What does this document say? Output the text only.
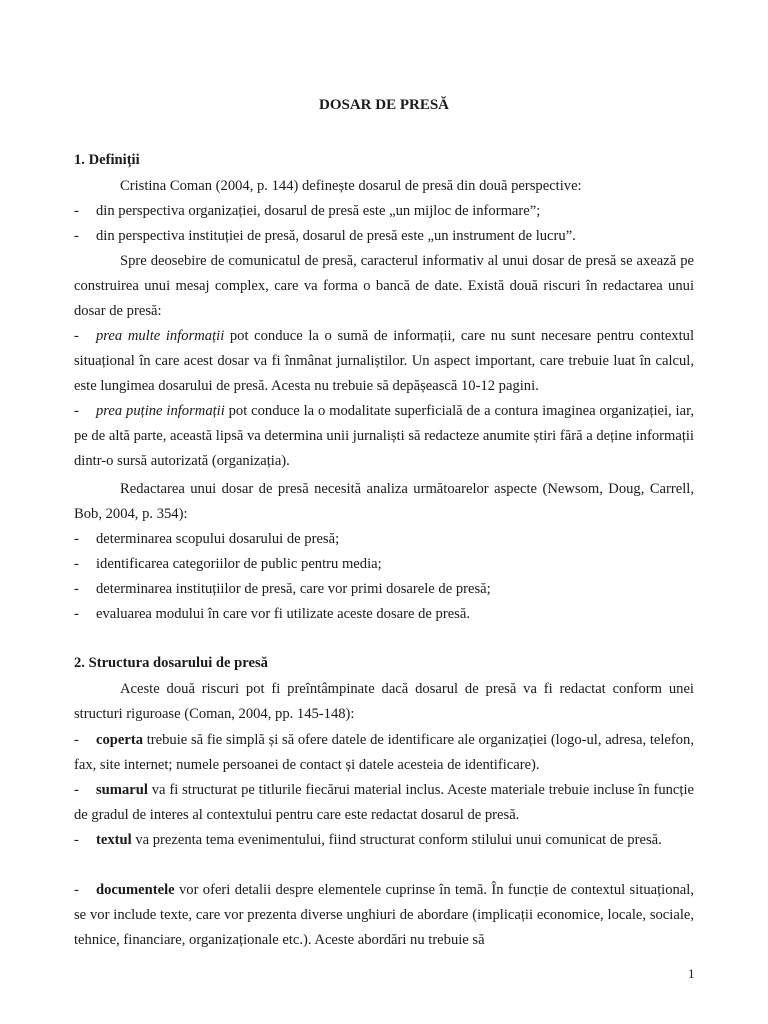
DOSAR DE PRESĂ
1. Definiții
Cristina Coman (2004, p. 144) definește dosarul de presă din două perspective:
- din perspectiva organizației, dosarul de presă este „un mijloc de informare”;
- din perspectiva instituției de presă, dosarul de presă este „un instrument de lucru”.
Spre deosebire de comunicatul de presă, caracterul informativ al unui dosar de presă se axează pe construirea unui mesaj complex, care va forma o bancă de date. Există două riscuri în redactarea unui dosar de presă:
- prea multe informații pot conduce la o sumă de informații, care nu sunt necesare pentru contextul situațional în care acest dosar va fi înmânat jurnaliștilor. Un aspect important, care trebuie luat în calcul, este lungimea dosarului de presă. Acesta nu trebuie să depășească 10-12 pagini.
- prea puține informații pot conduce la o modalitate superficială de a contura imaginea organizației, iar, pe de altă parte, această lipsă va determina unii jurnaliști să redacteze anumite știri fără a deține informații dintr-o sursă autorizată (organizația).
Redactarea unui dosar de presă necesită analiza următoarelor aspecte (Newsom, Doug, Carrell, Bob, 2004, p. 354):
- determinarea scopului dosarului de presă;
- identificarea categoriilor de public pentru media;
- determinarea instituțiilor de presă, care vor primi dosarele de presă;
- evaluarea modului în care vor fi utilizate aceste dosare de presă.
2. Structura dosarului de presă
Aceste două riscuri pot fi preîntâmpinate dacă dosarul de presă va fi redactat conform unei structuri riguroase (Coman, 2004, pp. 145-148):
- coperta trebuie să fie simplă și să ofere datele de identificare ale organizației (logo-ul, adresa, telefon, fax, site internet; numele persoanei de contact și datele acesteia de identificare).
- sumarul va fi structurat pe titlurile fiecărui material inclus. Aceste materiale trebuie incluse în funcție de gradul de interes al contextului pentru care este redactat dosarul de presă.
- textul va prezenta tema evenimentului, fiind structurat conform stilului unui comunicat de presă.
- documentele vor oferi detalii despre elementele cuprinse în temă. În funcție de contextul situațional, se vor include texte, care vor prezenta diverse unghiuri de abordare (implicații economice, locale, sociale, tehnice, financiare, organizaționale etc.). Aceste abordări nu trebuie să
1
